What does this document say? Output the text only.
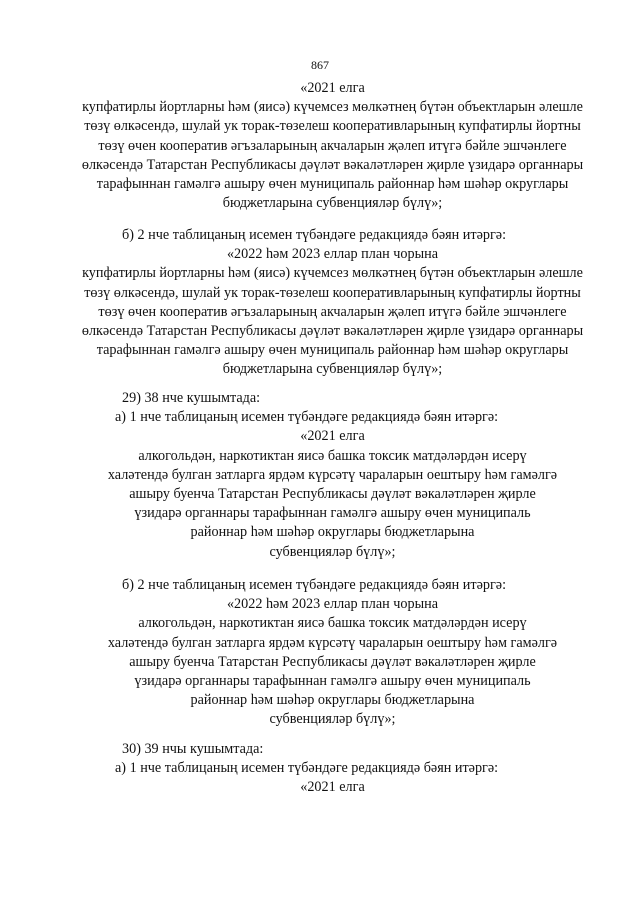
867
«2021 елга
купфатирлы йортларны һәм (яисә) күчемсез мөлкәтнең бүтән объектларын әлешле
төзү өлкәсендә, шулай ук торак-төзелеш кооперативларының купфатирлы йортны
төзү өчен кооператив әгъзаларының акчаларын җәлеп итүгә бәйле эшчәнлеге
өлкәсендә Татарстан Республикасы дәүләт вәкаләтләрен җирле үзидарә органнары
тарафыннан гамәлгә ашыру өчен муниципаль районнар һәм шәһәр округлары
бюджетларына субвенцияләр бүлү»;
б) 2 нче таблицаның исемен түбәндәге редакциядә бәян итәргә:
«2022 һәм 2023 еллар план чорына
купфатирлы йортларны һәм (яисә) күчемсез мөлкәтнең бүтән объектларын әлешле
төзү өлкәсендә, шулай ук торак-төзелеш кооперативларының купфатирлы йортны
төзү өчен кооператив әгъзаларының акчаларын җәлеп итүгә бәйле эшчәнлеге
өлкәсендә Татарстан Республикасы дәүләт вәкаләтләрен җирле үзидарә органнары
тарафыннан гамәлгә ашыру өчен муниципаль районнар һәм шәһәр округлары
бюджетларына субвенцияләр бүлү»;
29) 38 нче кушымтада:
а) 1 нче таблицаның исемен түбәндәге редакциядә бәян итәргә:
«2021 елга
алкогольдән, наркотиктан яисә башка токсик матдәләрдән исерү
халәтендә булган затларга ярдәм күрсәтү чараларын оештыру һәм гамәлгә
ашыру буенча Татарстан Республикасы дәүләт вәкаләтләрен җирле
үзидарә органнары тарафыннан гамәлгә ашыру өчен муниципаль
районнар һәм шәһәр округлары бюджетларына
субвенцияләр бүлү»;
б) 2 нче таблицаның исемен түбәндәге редакциядә бәян итәргә:
«2022 һәм 2023 еллар план чорына
алкогольдән, наркотиктан яисә башка токсик матдәләрдән исерү
халәтендә булган затларга ярдәм күрсәтү чараларын оештыру һәм гамәлгә
ашыру буенча Татарстан Республикасы дәүләт вәкаләтләрен җирле
үзидарә органнары тарафыннан гамәлгә ашыру өчен муниципаль
районнар һәм шәһәр округлары бюджетларына
субвенцияләр бүлү»;
30) 39 нчы кушымтада:
а) 1 нче таблицаның исемен түбәндәге редакциядә бәян итәргә:
«2021 елга
